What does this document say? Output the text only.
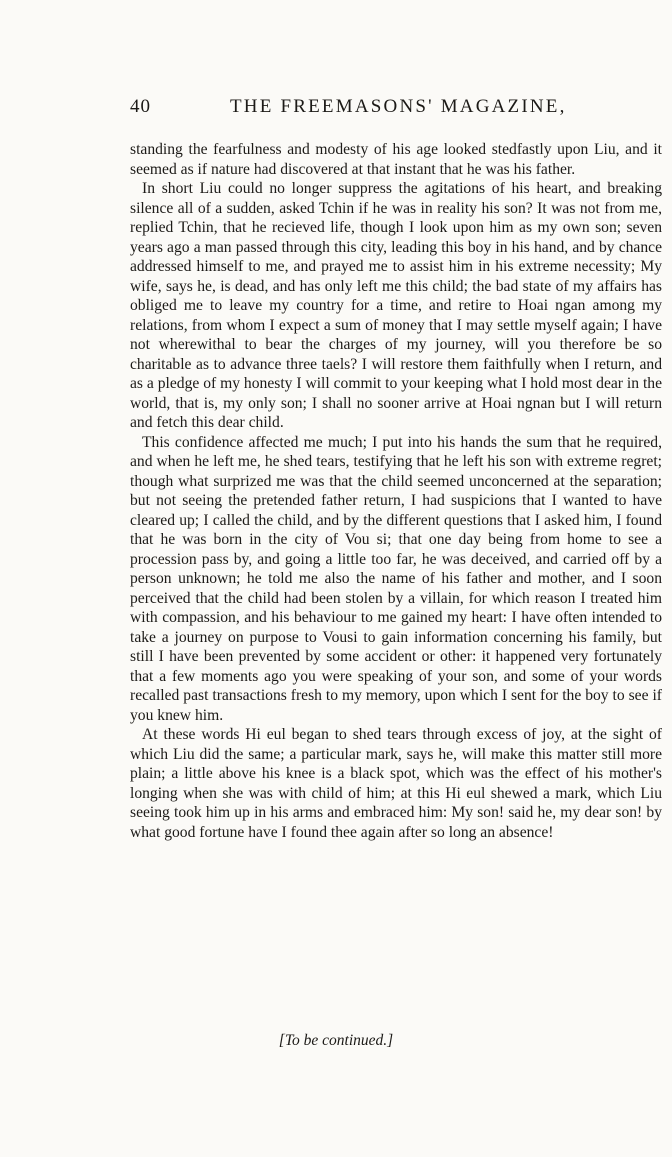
40	THE FREEMASONS' MAGAZINE,

standing the fearfulness and modesty of his age looked stedfastly upon Liu, and it seemed as if nature had discovered at that instant that he was his father.

In short Liu could no longer suppress the agitations of his heart, and breaking silence all of a sudden, asked Tchin if he was in reality his son? It was not from me, replied Tchin, that he recieved life, though I look upon him as my own son; seven years ago a man passed through this city, leading this boy in his hand, and by chance addressed himself to me, and prayed me to assist him in his extreme necessity; My wife, says he, is dead, and has only left me this child; the bad state of my affairs has obliged me to leave my country for a time, and retire to Hoai ngan among my relations, from whom I expect a sum of money that I may settle myself again; I have not wherewithal to bear the charges of my journey, will you therefore be so charitable as to advance three taels? I will restore them faithfully when I return, and as a pledge of my honesty I will commit to your keeping what I hold most dear in the world, that is, my only son; I shall no sooner arrive at Hoai ngnan but I will return and fetch this dear child.

This confidence affected me much; I put into his hands the sum that he required, and when he left me, he shed tears, testifying that he left his son with extreme regret; though what surprized me was that the child seemed unconcerned at the separation; but not seeing the pretended father return, I had suspicions that I wanted to have cleared up; I called the child, and by the different questions that I asked him, I found that he was born in the city of Vou si; that one day being from home to see a procession pass by, and going a little too far, he was deceived, and carried off by a person unknown; he told me also the name of his father and mother, and I soon perceived that the child had been stolen by a villain, for which reason I treated him with compassion, and his behaviour to me gained my heart: I have often intended to take a journey on purpose to Vousi to gain information concerning his family, but still I have been prevented by some accident or other: it happened very fortunately that a few moments ago you were speaking of your son, and some of your words recalled past transactions fresh to my memory, upon which I sent for the boy to see if you knew him.

At these words Hi eul began to shed tears through excess of joy, at the sight of which Liu did the same; a particular mark, says he, will make this matter still more plain; a little above his knee is a black spot, which was the effect of his mother's longing when she was with child of him; at this Hi eul shewed a mark, which Liu seeing took him up in his arms and embraced him: My son! said he, my dear son! by what good fortune have I found thee again after so long an absence!

[To be continued.]
